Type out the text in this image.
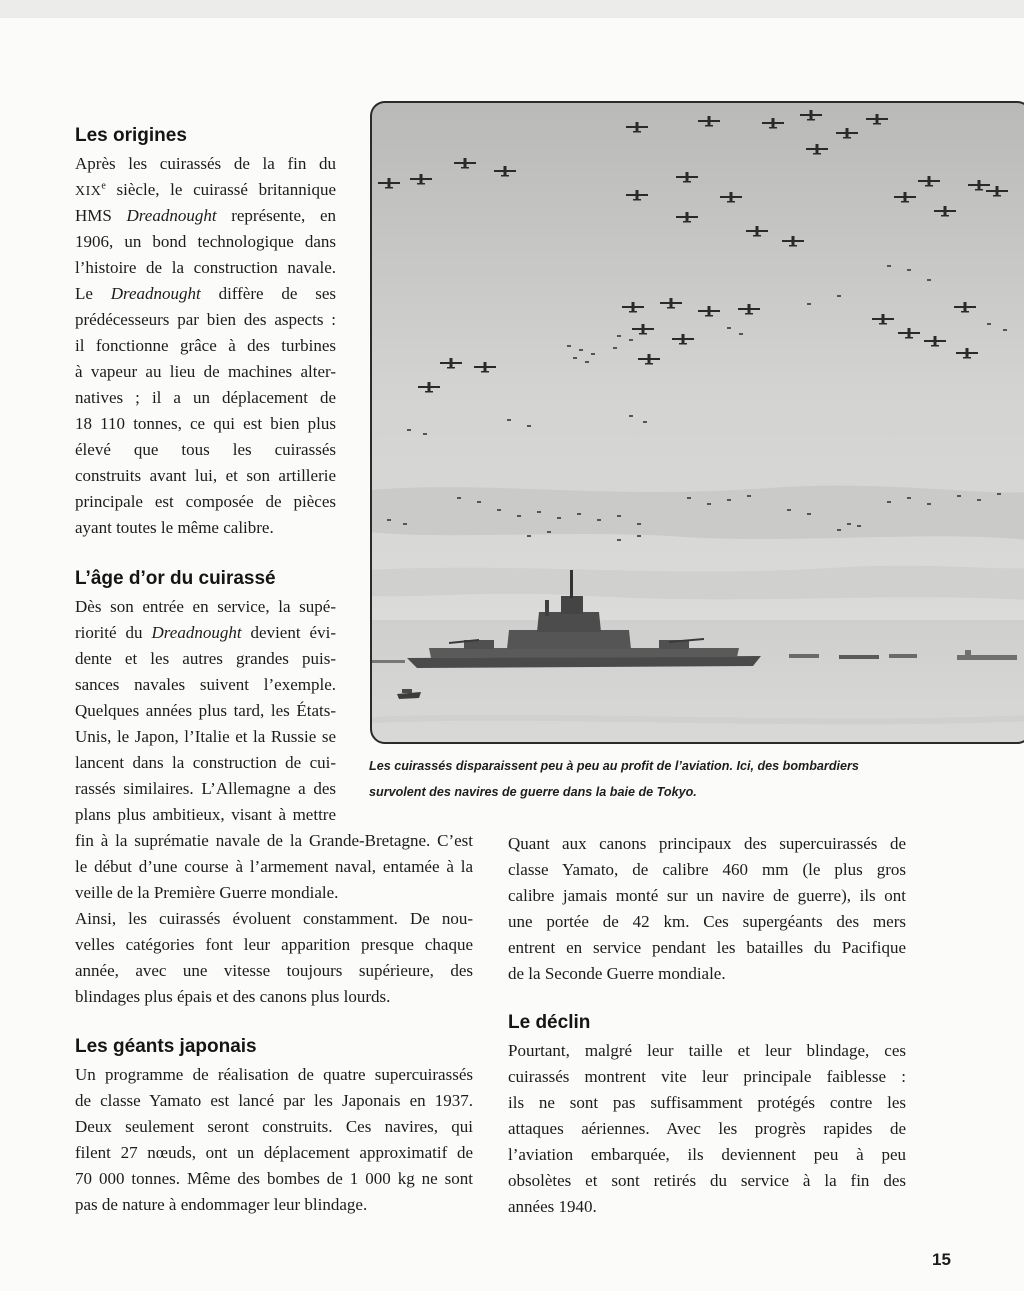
Les origines
Après les cuirassés de la fin du
XIXe siècle, le cuirassé britannique
HMS Dreadnought représente, en
1906, un bond technologique dans
l’histoire de la construction navale.
Le Dreadnought diffère de ses
prédécesseurs par bien des aspects :
il fonctionne grâce à des turbines
à vapeur au lieu de machines alter-
natives ; il a un déplacement de
18 110 tonnes, ce qui est bien plus
élevé que tous les cuirassés
construits avant lui, et son artillerie
principale est composée de pièces
ayant toutes le même calibre.
L’âge d’or du cuirassé
Dès son entrée en service, la supé-
riorité du Dreadnought devient évi-
dente et les autres grandes puis-
sances navales suivent l’exemple.
Quelques années plus tard, les États-
Unis, le Japon, l’Italie et la Russie se
lancent dans la construction de cui-
rassés similaires. L’Allemagne a des
plans plus ambitieux, visant à mettre
fin à la suprématie navale de la Grande-Bretagne. C’est
le début d’une course à l’armement naval, entamée à la
veille de la Première Guerre mondiale.
Ainsi, les cuirassés évoluent constamment. De nou-
velles catégories font leur apparition presque chaque
année, avec une vitesse toujours supérieure, des
blindages plus épais et des canons plus lourds.
Les géants japonais
Un programme de réalisation de quatre supercuirassés
de classe Yamato est lancé par les Japonais en 1937.
Deux seulement seront construits. Ces navires, qui
filent 27 nœuds, ont un déplacement approximatif de
70 000 tonnes. Même des bombes de 1 000 kg ne sont
pas de nature à endommager leur blindage.
Quant aux canons principaux des supercuirassés de
classe Yamato, de calibre 460 mm (le plus gros
calibre jamais monté sur un navire de guerre), ils ont
une portée de 42 km. Ces supergéants des mers
entrent en service pendant les batailles du Pacifique
de la Seconde Guerre mondiale.
Le déclin
Pourtant, malgré leur taille et leur blindage, ces
cuirassés montrent vite leur principale faiblesse :
ils ne sont pas suffisamment protégés contre les
attaques aériennes. Avec les progrès rapides de
l’aviation embarquée, ils deviennent peu à peu
obsolètes et sont retirés du service à la fin des
années 1940.
Les cuirassés disparaissent peu à peu au profit de l’aviation. Ici, des bombardiers
survolent des navires de guerre dans la baie de Tokyo.
15
